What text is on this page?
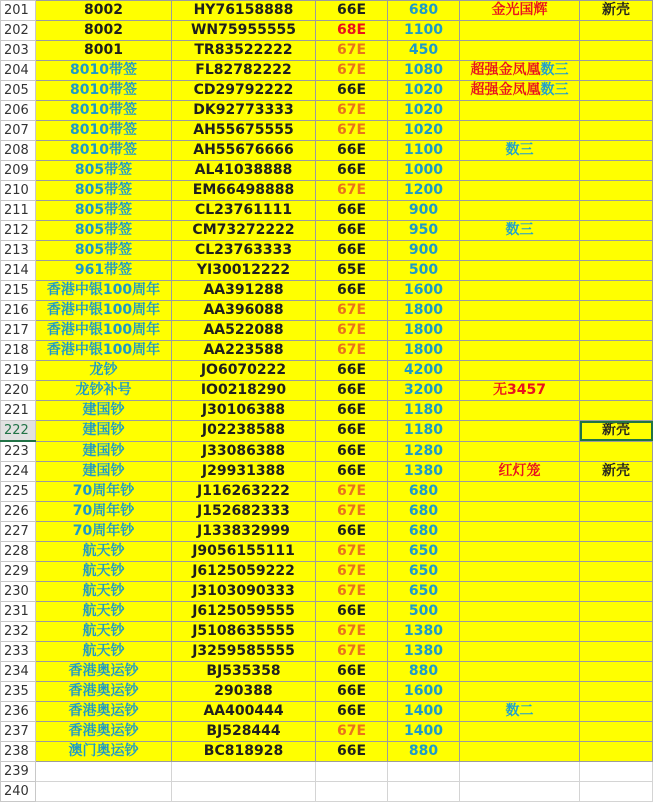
201	8002	HY76158888	66E	680	金光国辉	新壳
202	8002	WN75955555	68E	1100		
203	8001	TR83522222	67E	450		
204	8010带签	FL82782222	67E	1080	超强金凤凰数三	
205	8010带签	CD29792222	66E	1020	超强金凤凰数三	
206	8010带签	DK92773333	67E	1020		
207	8010带签	AH55675555	67E	1020		
208	8010带签	AH55676666	66E	1100	数三	
209	805带签	AL41038888	66E	1000		
210	805带签	EM66498888	67E	1200		
211	805带签	CL23761111	66E	900		
212	805带签	CM73272222	66E	950	数三	
213	805带签	CL23763333	66E	900		
214	961带签	YI30012222	65E	500		
215	香港中银100周年	AA391288	66E	1600		
216	香港中银100周年	AA396088	67E	1800		
217	香港中银100周年	AA522088	67E	1800		
218	香港中银100周年	AA223588	67E	1800		
219	龙钞	JO6070222	66E	4200		
220	龙钞补号	IO0218290	66E	3200	无3457	
221	建国钞	J30106388	66E	1180		
222	建国钞	J02238588	66E	1180		新壳
223	建国钞	J33086388	66E	1280		
224	建国钞	J29931388	66E	1380	红灯笼	新壳
225	70周年钞	J116263222	67E	680		
226	70周年钞	J152682333	67E	680		
227	70周年钞	J133832999	66E	680		
228	航天钞	J9056155111	67E	650		
229	航天钞	J6125059222	67E	650		
230	航天钞	J3103090333	67E	650		
231	航天钞	J6125059555	66E	500		
232	航天钞	J5108635555	67E	1380		
233	航天钞	J3259585555	67E	1380		
234	香港奥运钞	BJ535358	66E	880		
235	香港奥运钞	290388	66E	1600		
236	香港奥运钞	AA400444	66E	1400	数二	
237	香港奥运钞	BJ528444	67E	1400		
238	澳门奥运钞	BC818928	66E	880		
239						
240						
